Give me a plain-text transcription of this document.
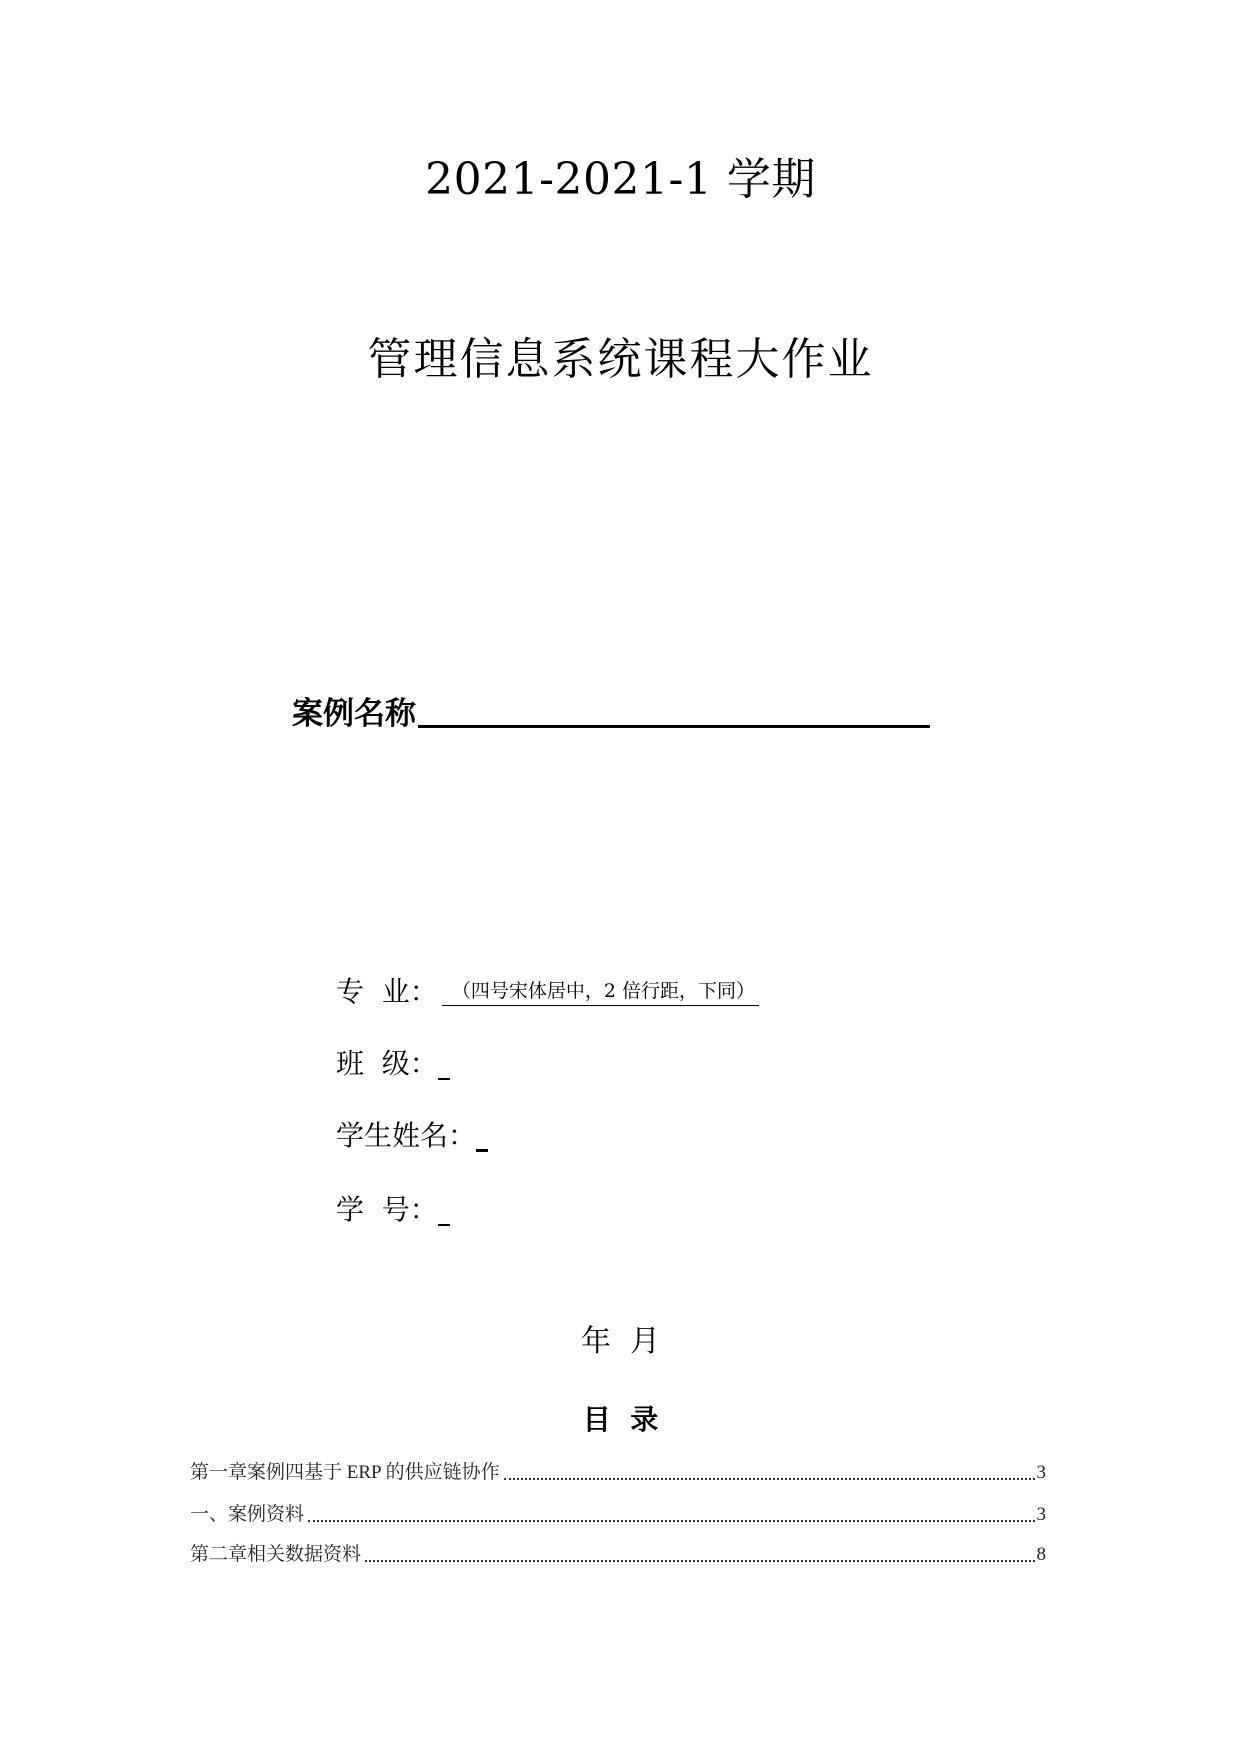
2021-2021-1 学期
管理信息系统课程大作业
案例名称
专  业： （四号宋体居中，2 倍行距，下同）
班  级：
学生姓名：
学  号：
年  月
目  录
第一章案例四基于 ERP 的供应链协作	3
一、案例资料	3
第二章相关数据资料	8
